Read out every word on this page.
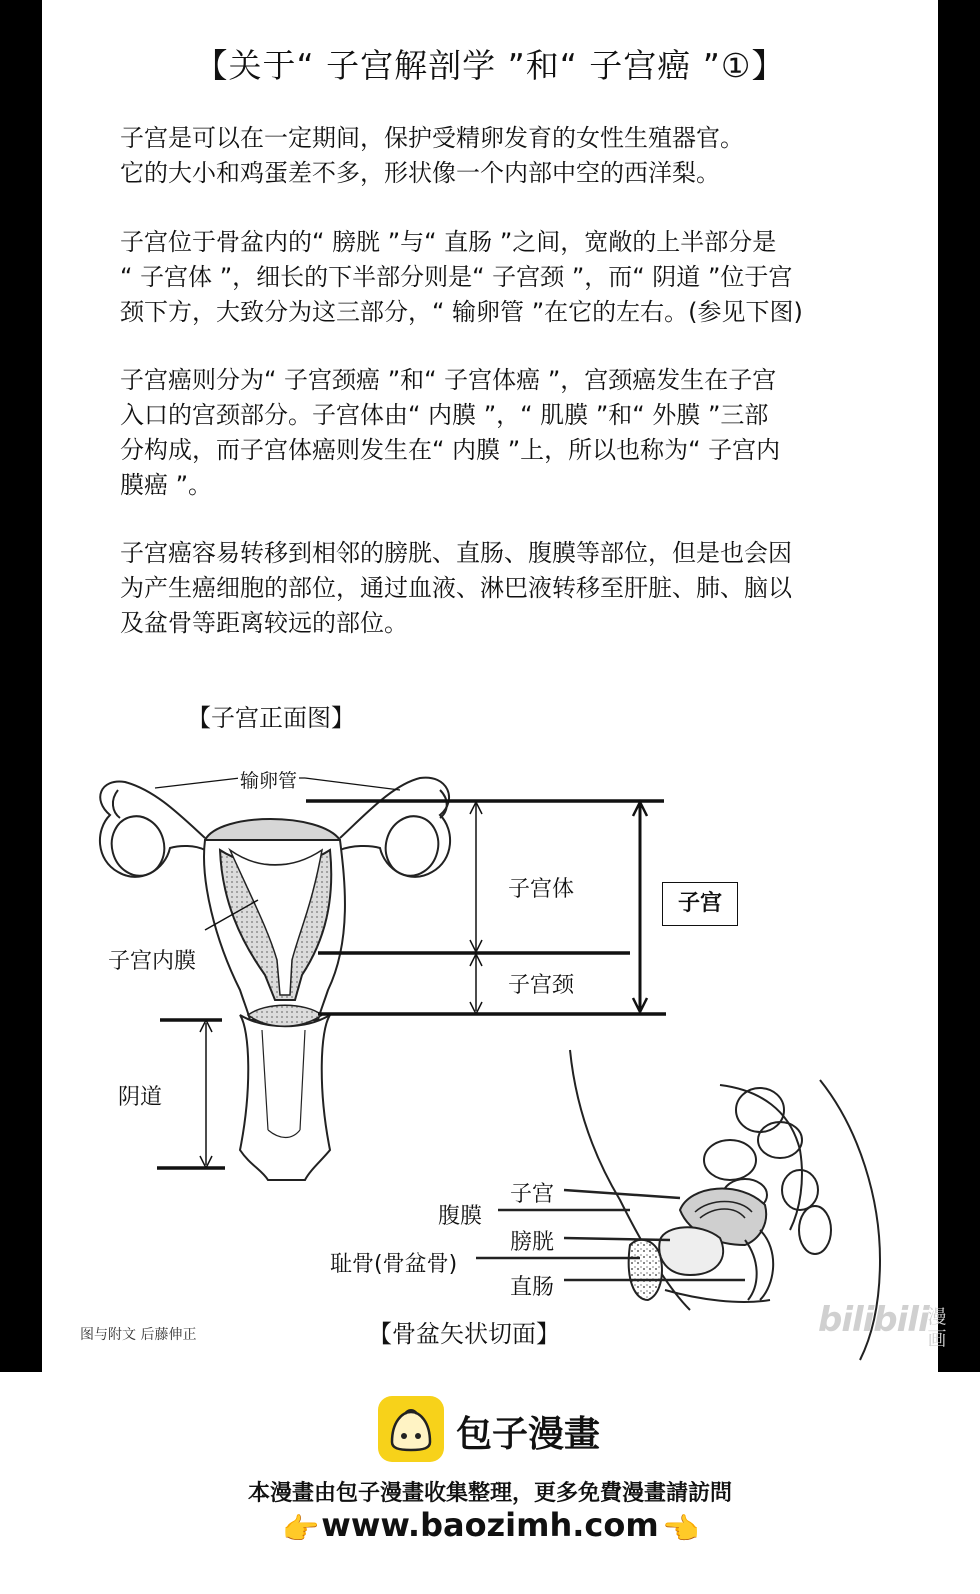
【关于“ 子宫解剖学 ”和“ 子宫癌 ”①】
子宫是可以在一定期间，保护受精卵发育的女性生殖器官。
它的大小和鸡蛋差不多，形状像一个内部中空的西洋梨。
子宫位于骨盆内的“ 膀胱 ”与“ 直肠 ”之间，宽敞的上半部分是
“ 子宫体 ”，细长的下半部分则是“ 子宫颈 ”，而“ 阴道 ”位于宫
颈下方，大致分为这三部分，“ 输卵管 ”在它的左右。(参见下图)
子宫癌则分为“ 子宫颈癌 ”和“ 子宫体癌 ”，宫颈癌发生在子宫
入口的宫颈部分。子宫体由“ 内膜 ”，“ 肌膜 ”和“ 外膜 ”三部
分构成，而子宫体癌则发生在“ 内膜 ”上，所以也称为“ 子宫内
膜癌 ”。
子宫癌容易转移到相邻的膀胱、直肠、腹膜等部位，但是也会因
为产生癌细胞的部位，通过血液、淋巴液转移至肝脏、肺、脑以
及盆骨等距离较远的部位。
【子宫正面图】
输卵管
子宫内膜
子宫体
子宫颈
子宫
阴道
子宫
腹膜
膀胱
耻骨(骨盆骨)
直肠
【骨盆矢状切面】
图与附文 后藤伸正	bilibili
漫画
包子漫畫
本漫畫由包子漫畫收集整理，更多免費漫畫請訪問
👉 www.baozimh.com 👈
